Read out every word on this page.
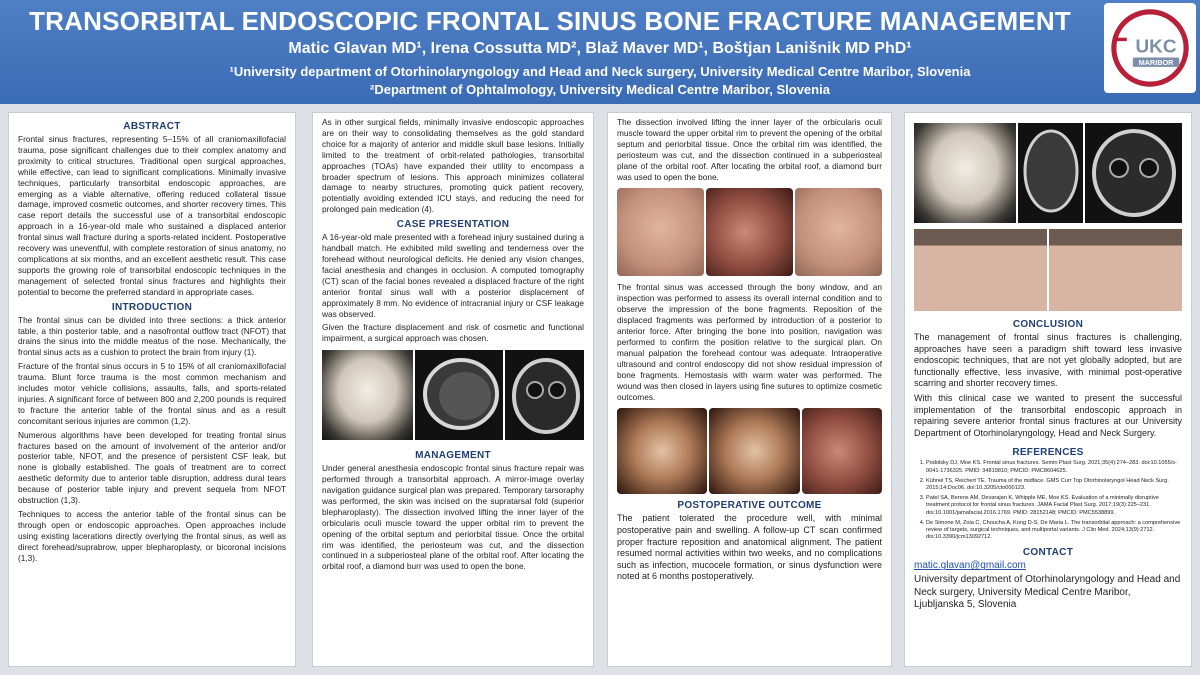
TRANSORBITAL ENDOSCOPIC FRONTAL SINUS BONE FRACTURE MANAGEMENT
Matic Glavan MD¹, Irena Cossutta MD², Blaž Maver MD¹, Boštjan Lanišnik MD PhD¹
¹University department of Otorhinolaryngology and Head and Neck surgery, University Medical Centre Maribor, Slovenia
²Department of Ophtalmology, University Medical Centre Maribor, Slovenia
UKC
MARIBOR
ABSTRACT
Frontal sinus fractures, representing 5–15% of all craniomaxillofacial trauma, pose significant challenges due to their complex anatomy and proximity to critical structures. Traditional open surgical approaches, while effective, can lead to significant complications. Minimally invasive techniques, particularly transorbital endoscopic approaches, are emerging as a viable alternative, offering reduced collateral tissue damage, improved cosmetic outcomes, and shorter recovery times. This case report details the successful use of a transorbital endoscopic approach in a 16-year-old male who sustained a displaced anterior frontal sinus wall fracture during a sports-related incident. Postoperative recovery was uneventful, with complete restoration of sinus anatomy, no complications at six months, and an excellent aesthetic result. This case supports the growing role of transorbital endoscopic techniques in the management of selected frontal sinus fractures and highlights their potential to become the preferred standard in appropriate cases.
INTRODUCTION
The frontal sinus can be divided into three sections: a thick anterior table, a thin posterior table, and a nasofrontal outflow tract (NFOT) that drains the sinus into the middle meatus of the nose. Mechanically, the frontal sinus acts as a cushion to protect the brain from injury (1).
Fracture of the frontal sinus occurs in 5 to 15% of all craniomaxillofacial trauma. Blunt force trauma is the most common mechanism and includes motor vehicle collisions, assaults, falls, and sports-related injuries. A significant force of between 800 and 2,200 pounds is required to fracture the anterior table of the frontal sinus and as a result concomitant serious injuries are common (1,2).
Numerous algorithms have been developed for treating frontal sinus fractures based on the amount of involvement of the anterior and/or posterior table, NFOT, and the presence of persistent CSF leak, but none is globally established. The goals of treatment are to correct aesthetic deformity due to anterior table disruption, address dural tears because of posterior table injury and prevent sequela from NFOT obstruction (1,3).
Techniques to access the anterior table of the frontal sinus can be through open or endoscopic approaches. Open approaches include using existing lacerations directly overlying the frontal sinus, as well as direct forehead/suprabrow, upper blepharoplasty, or bicoronal incisions (1,3).
As in other surgical fields, minimally invasive endoscopic approaches are on their way to consolidating themselves as the gold standard choice for a majority of anterior and middle skull base lesions. Initially limited to the treatment of orbit-related pathologies, transorbital approaches (TOAs) have expanded their utility to encompass a broader spectrum of lesions. This approach minimizes collateral damage to nearby structures, promoting quick patient recovery, potentially avoiding extended ICU stays, and reducing the need for prolonged pain medication (4).
CASE PRESENTATION
A 16-year-old male presented with a forehead injury sustained during a handball match. He exhibited mild swelling and tenderness over the forehead without neurological deficits. He denied any vision changes, facial anesthesia and changes in occlusion. A computed tomography (CT) scan of the facial bones revealed a displaced fracture of the right anterior frontal sinus wall with a posterior displacement of approximately 8 mm. No evidence of intracranial injury or CSF leakage was observed.
Given the fracture displacement and risk of cosmetic and functional impairment, a surgical approach was chosen.
MANAGEMENT
Under general anesthesia endoscopic frontal sinus fracture repair was performed through a transorbital approach. A mirror-image overlay navigation guidance surgical plan was prepared. Temporary tarsoraphy was performed, the skin was incised on the supratarsal fold (superior blepharoplasty). The dissection involved lifting the inner layer of the orbicularis oculi muscle toward the upper orbital rim to prevent the opening of the orbital septum and periorbital tissue. Once the orbital rim was identified, the periosteum was cut, and the dissection continued in a subperiosteal plane of the orbital roof. After locating the orbital roof, a diamond burr was used to open the bone.
The dissection involved lifting the inner layer of the orbicularis oculi muscle toward the upper orbital rim to prevent the opening of the orbital septum and periorbital tissue. Once the orbital rim was identified, the periosteum was cut, and the dissection continued in a subperiosteal plane of the orbital roof. After locating the orbital roof, a diamond burr was used to open the bone.
The frontal sinus was accessed through the bony window, and an inspection was performed to assess its overall internal condition and to observe the impression of the bone fragments. Reposition of the displaced fragments was performed by introduction of a posterior to anterior force. After bringing the bone into position, navigation was performed to confirm the position relative to the surgical plan. On manual palpation the forehead contour was adequate. Intraoperative ultrasound and control endoscopy did not show residual impression of bone fragments. Hemostasis with warm water was performed. The wound was then closed in layers using fine sutures to optimize cosmetic outcomes.
POSTOPERATIVE OUTCOME
The patient tolerated the procedure well, with minimal postoperative pain and swelling. A follow-up CT scan confirmed proper fracture reposition and anatomical alignment. The patient resumed normal activities within two weeks, and no complications such as infection, mucocele formation, or sinus dysfunction were noted at 6 months postoperatively.
CONCLUSION
The management of frontal sinus fractures is challenging, approaches have seen a paradigm shift toward less invasive endoscopic techniques, that are not yet globally adopted, but are functionally effective, less invasive, with minimal post-operative scarring and shorter recovery times.
With this clinical case we wanted to present the successful implementation of the transorbital endoscopic approach in repairing severe anterior frontal sinus fractures at our University Department of Otorhinolaryngology, Head and Neck Surgery.
REFERENCES
1. Podolsky DJ, Moe KS. Frontal sinus fractures. Semin Plast Surg. 2021;35(4):274–283. doi:10.1055/s-0041-1736325. PMID: 34819810; PMCID: PMC8604625.
2. Kühnel TS, Reichert TE. Trauma of the midface. GMS Curr Top Otorhinolaryngol Head Neck Surg. 2015;14:Doc06. doi:10.3205/cto000123.
3. Patel SA, Berens AM, Devarajan K, Whipple ME, Moe KS. Evaluation of a minimally disruptive treatment protocol for frontal sinus fractures. JAMA Facial Plast Surg. 2017;19(3):225–231. doi:10.1001/jamafacial.2016.1769. PMID: 28152148; PMCID: PMC5538899.
4. De Simone M, Zoia C, Choucha A, Kong D-S, De Maria L. The transorbital approach: a comprehensive review of targets, surgical techniques, and multiportal variants. J Clin Med. 2024;13(9):2712. doi:10.3390/jcm13092712.
CONTACT
matic.glavan@gmail.com
University department of Otorhinolaryngology and Head and Neck surgery, University Medical Centre Maribor, Ljubljanska 5, Slovenia
